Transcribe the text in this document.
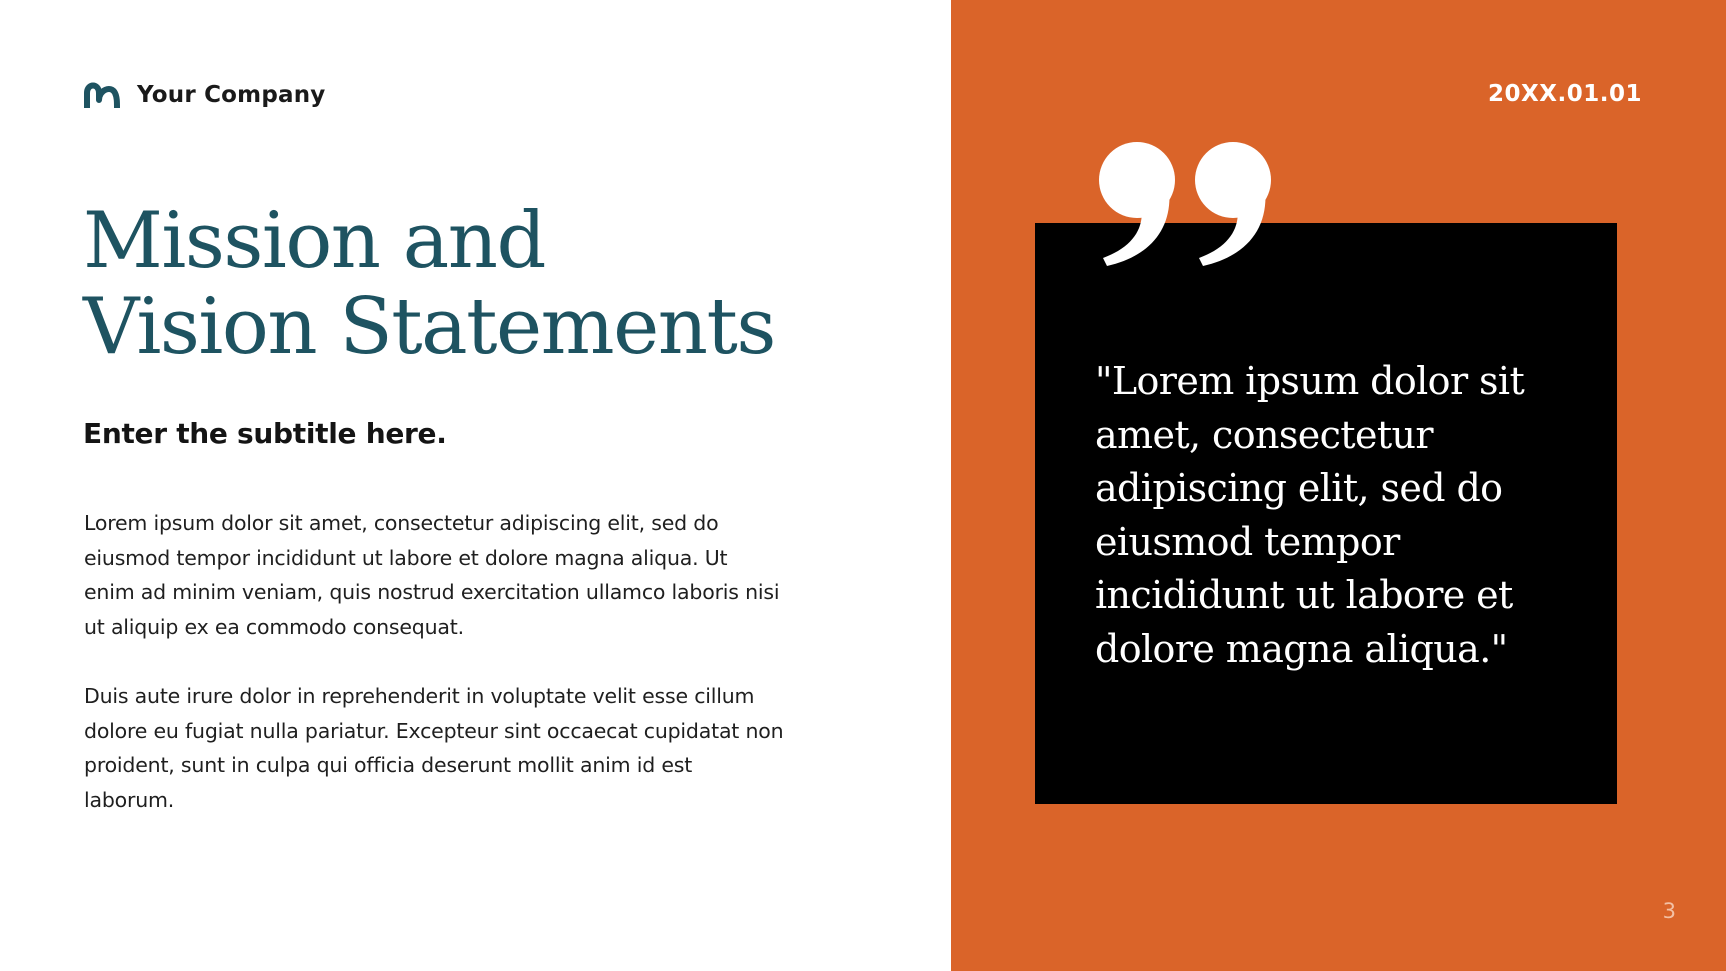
Your Company
Mission and
Vision Statements
Enter the subtitle here.

Lorem ipsum dolor sit amet, consectetur adipiscing elit, sed do eiusmod tempor incididunt ut labore et dolore magna aliqua. Ut enim ad minim veniam, quis nostrud exercitation ullamco laboris nisi ut aliquip ex ea commodo consequat.

Duis aute irure dolor in reprehenderit in voluptate velit esse cillum dolore eu fugiat nulla pariatur. Excepteur sint occaecat cupidatat non proident, sunt in culpa qui officia deserunt mollit anim id est laborum.

20XX.01.01

"Lorem ipsum dolor sit amet, consectetur adipiscing elit, sed do eiusmod tempor incididunt ut labore et dolore magna aliqua."

3
